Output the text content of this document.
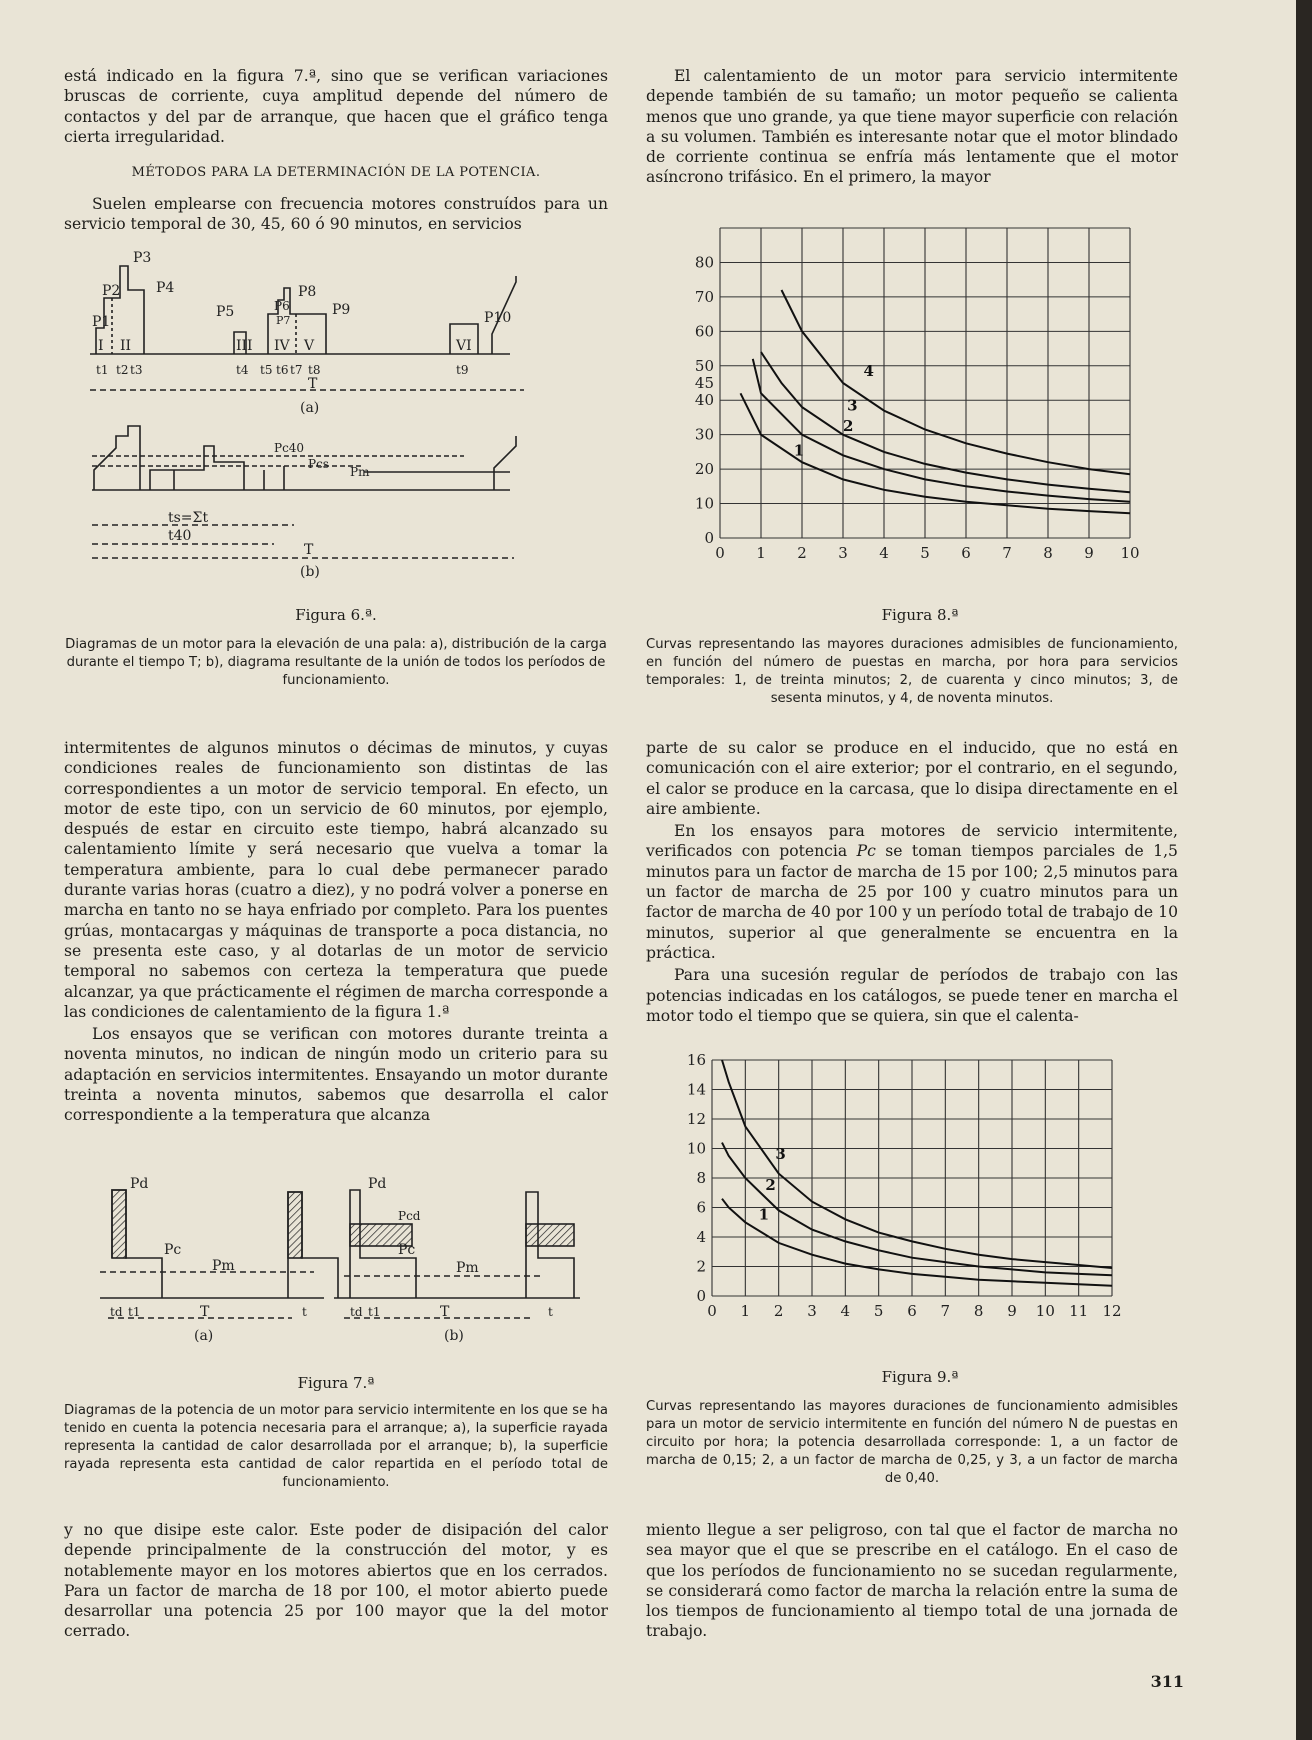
está indicado en la figura 7.ª, sino que se verifican variaciones bruscas de corriente, cuya amplitud depende del número de contactos y del par de arranque, que hacen que el gráfico tenga cierta irregularidad.

MÉTODOS PARA LA DETERMINACIÓN DE LA POTENCIA.

Suelen emplearse con frecuencia motores construídos para un servicio temporal de 30, 45, 60 ó 90 minutos, en servicios

P3
P2	P4
P1
P5	P6
P7
P8
P9	P10
I II	III IV V	VI
t1 t2 t3	t4 t5 t6 t7 t8	t9
T
(a)
Pc40
Pcs
Pm
ts=Σt
t40
T
(b)
Figura 6.ª.

Diagramas de un motor para la elevación de una pala: a), distribución de la carga durante el tiempo T; b), diagrama resultante de la unión de todos los períodos de funcionamiento.

intermitentes de algunos minutos o décimas de minutos, y cuyas condiciones reales de funcionamiento son distintas de las correspondientes a un motor de servicio temporal. En efecto, un motor de este tipo, con un servicio de 60 minutos, por ejemplo, después de estar en circuito este tiempo, habrá alcanzado su calentamiento límite y será necesario que vuelva a tomar la temperatura ambiente, para lo cual debe permanecer parado durante varias horas (cuatro a diez), y no podrá volver a ponerse en marcha en tanto no se haya enfriado por completo. Para los puentes grúas, montacargas y máquinas de transporte a poca distancia, no se presenta este caso, y al dotarlas de un motor de servicio temporal no sabemos con certeza la temperatura que puede alcanzar, ya que prácticamente el régimen de marcha corresponde a las condiciones de calentamiento de la figura 1.ª

Los ensayos que se verifican con motores durante treinta a noventa minutos, no indican de ningún modo un criterio para su adaptación en servicios intermitentes. Ensayando un motor durante treinta a noventa minutos, sabemos que desarrolla el calor correspondiente a la temperatura que alcanza

Pd
Pc
Pm
td t1	T	t
(a)
Pd
Pcd
Pc
Pm
td t1	T	t
(b)
Figura 7.ª

Diagramas de la potencia de un motor para servicio intermitente en los que se ha tenido en cuenta la potencia necesaria para el arranque; a), la superficie rayada representa la cantidad de calor desarrollada por el arranque; b), la superficie rayada representa esta cantidad de calor repartida en el período total de funcionamiento.

y no que disipe este calor. Este poder de disipación del calor depende principalmente de la construcción del motor, y es notablemente mayor en los motores abiertos que en los cerrados. Para un factor de marcha de 18 por 100, el motor abierto puede desarrollar una potencia 25 por 100 mayor que la del motor cerrado.

El calentamiento de un motor para servicio intermitente depende también de su tamaño; un motor pequeño se calienta menos que uno grande, ya que tiene mayor superficie con relación a su volumen. También es interesante notar que el motor blindado de corriente continua se enfría más lentamente que el motor asíncrono trifásico. En el primero, la mayor

0 1 2 3 4 5 6 7 8 9 10
0
10
20
30
40
45
50
60
70
80
1
2
3
4
Figura 8.ª

Curvas representando las mayores duraciones admisibles de funcionamiento, en función del número de puestas en marcha, por hora para servicios temporales: 1, de treinta minutos; 2, de cuarenta y cinco minutos; 3, de sesenta minutos, y 4, de noventa minutos.

parte de su calor se produce en el inducido, que no está en comunicación con el aire exterior; por el contrario, en el segundo, el calor se produce en la carcasa, que lo disipa directamente en el aire ambiente.

En los ensayos para motores de servicio intermitente, verificados con potencia Pc se toman tiempos parciales de 1,5 minutos para un factor de marcha de 15 por 100; 2,5 minutos para un factor de marcha de 25 por 100 y cuatro minutos para un factor de marcha de 40 por 100 y un período total de trabajo de 10 minutos, superior al que generalmente se encuentra en la práctica.

Para una sucesión regular de períodos de trabajo con las potencias indicadas en los catálogos, se puede tener en marcha el motor todo el tiempo que se quiera, sin que el calenta-

0 1 2 3 4 5 6 7 8 9 10 11 12
0
2
4
6
8
10
12
14
16
1
2
3
Figura 9.ª

Curvas representando las mayores duraciones de funcionamiento admisibles para un motor de servicio intermitente en función del número N de puestas en circuito por hora; la potencia desarrollada corresponde: 1, a un factor de marcha de 0,15; 2, a un factor de marcha de 0,25, y 3, a un factor de marcha de 0,40.

miento llegue a ser peligroso, con tal que el factor de marcha no sea mayor que el que se prescribe en el catálogo. En el caso de que los períodos de funcionamiento no se sucedan regularmente, se considerará como factor de marcha la relación entre la suma de los tiempos de funcionamiento al tiempo total de una jornada de trabajo.

311
